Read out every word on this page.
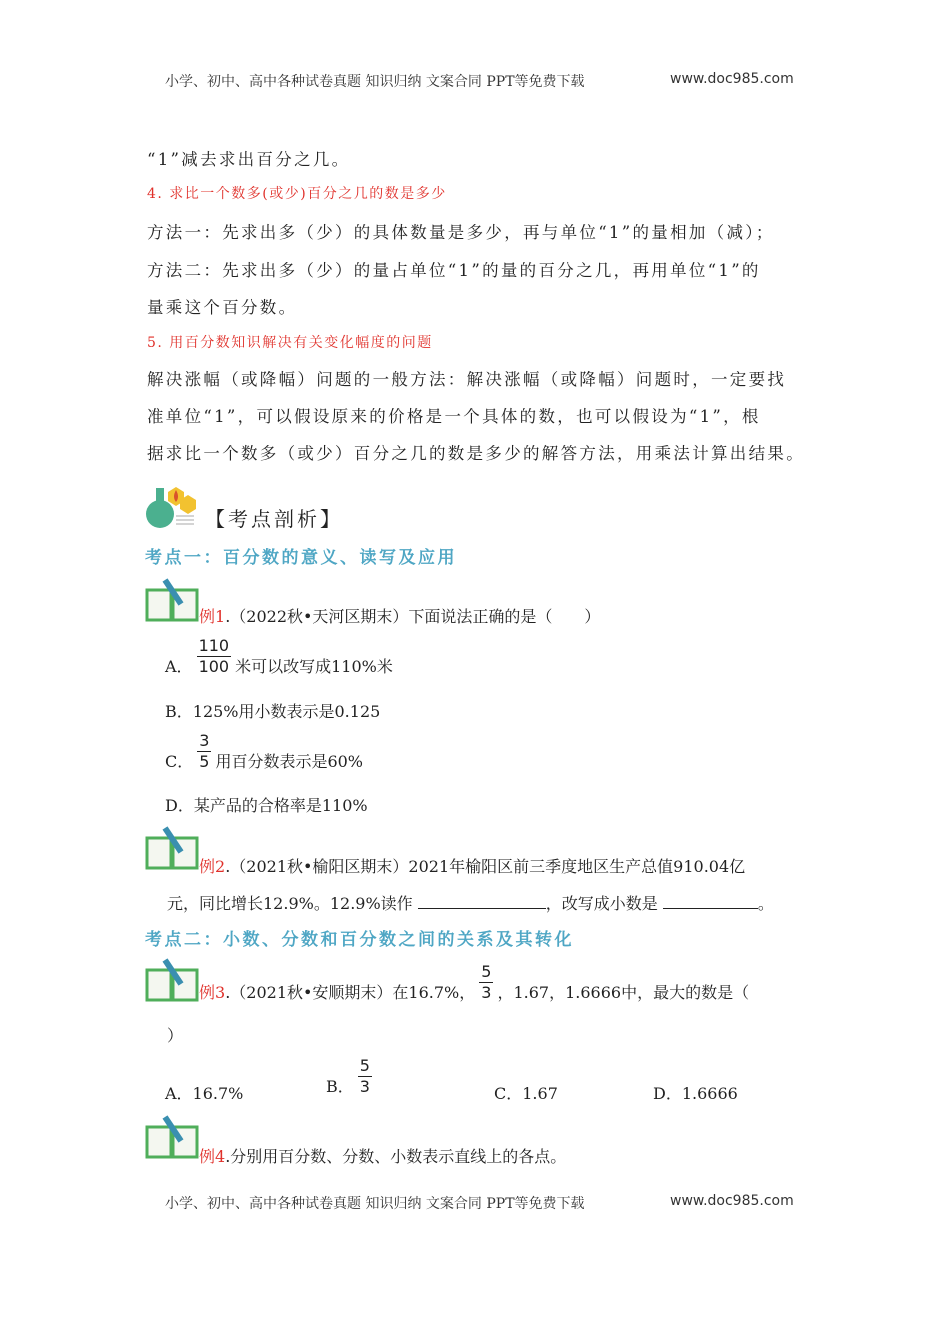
小学、初中、高中各种试卷真题 知识归纳 文案合同 PPT等免费下载	www.doc985.com
“1”减去求出百分之几。
4. 求比一个数多(或少)百分之几的数是多少
方法一：先求出多（少）的具体数量是多少，再与单位“1”的量相加（减）；
方法二：先求出多（少）的量占单位“1”的量的百分之几，再用单位“1”的
量乘这个百分数。
5. 用百分数知识解决有关变化幅度的问题
解决涨幅（或降幅）问题的一般方法：解决涨幅（或降幅）问题时，一定要找
准单位“1”，可以假设原来的价格是一个具体的数，也可以假设为“1”，根
据求比一个数多（或少）百分之几的数是多少的解答方法，用乘法计算出结果。
【考点剖析】
考点一：百分数的意义、读写及应用
例1.（2022秋•天河区期末）下面说法正确的是（　　）
A． $\frac{110}{100}$ 米可以改写成110%米
B．125%用小数表示是0.125
C． $\frac{3}{5}$ 用百分数表示是60%
D．某产品的合格率是110%
例2.（2021秋•榆阳区期末）2021年榆阳区前三季度地区生产总值910.04亿
元，同比增长12.9%。12.9%读作	，改写成小数是	。
考点二：小数、分数和百分数之间的关系及其转化
例3.（2021秋•安顺期末）在16.7%， $\frac{5}{3}$ ，1.67，1.6666中，最大的数是（
）
A．16.7%	B． $\frac{5}{3}$	C．1.67	D．1.6666
例4.分别用百分数、分数、小数表示直线上的各点。
小学、初中、高中各种试卷真题 知识归纳 文案合同 PPT等免费下载	www.doc985.com
